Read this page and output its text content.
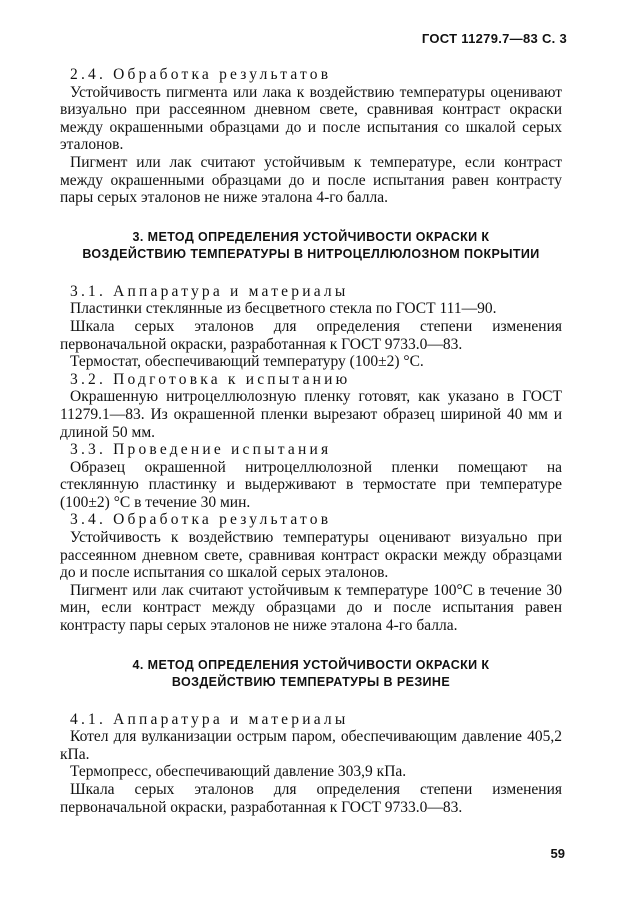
ГОСТ 11279.7—83 С. 3

2.4. Обработка результатов

Устойчивость пигмента или лака к воздействию температуры оценивают визуально при рассеянном дневном свете, сравнивая контраст окраски между окрашенными образцами до и после испытания со шкалой серых эталонов.

Пигмент или лак считают устойчивым к температуре, если контраст между окрашенными образцами до и после испытания равен контрасту пары серых эталонов не ниже эталона 4-го балла.

3. МЕТОД ОПРЕДЕЛЕНИЯ УСТОЙЧИВОСТИ ОКРАСКИ К
ВОЗДЕЙСТВИЮ ТЕМПЕРАТУРЫ В НИТРОЦЕЛЛЮЛОЗНОМ ПОКРЫТИИ

3.1. Аппаратура и материалы

Пластинки стеклянные из бесцветного стекла по ГОСТ 111—90.

Шкала серых эталонов для определения степени изменения первоначальной окраски, разработанная к ГОСТ 9733.0—83.

Термостат, обеспечивающий температуру (100±2) °С.

3.2. Подготовка к испытанию

Окрашенную нитроцеллюлозную пленку готовят, как указано в ГОСТ 11279.1—83. Из окрашенной пленки вырезают образец шириной 40 мм и длиной 50 мм.

3.3. Проведение испытания

Образец окрашенной нитроцеллюлозной пленки помещают на стеклянную пластинку и выдерживают в термостате при температуре (100±2) °С в течение 30 мин.

3.4. Обработка результатов

Устойчивость к воздействию температуры оценивают визуально при рассеянном дневном свете, сравнивая контраст окраски между образцами до и после испытания со шкалой серых эталонов.

Пигмент или лак считают устойчивым к температуре 100°С в течение 30 мин, если контраст между образцами до и после испытания равен контрасту пары серых эталонов не ниже эталона 4-го балла.

4. МЕТОД ОПРЕДЕЛЕНИЯ УСТОЙЧИВОСТИ ОКРАСКИ К
ВОЗДЕЙСТВИЮ ТЕМПЕРАТУРЫ В РЕЗИНЕ

4.1. Аппаратура и материалы

Котел для вулканизации острым паром, обеспечивающим давление 405,2 кПа.

Термопресс, обеспечивающий давление 303,9 кПа.

Шкала серых эталонов для определения степени изменения первоначальной окраски, разработанная к ГОСТ 9733.0—83.

59
